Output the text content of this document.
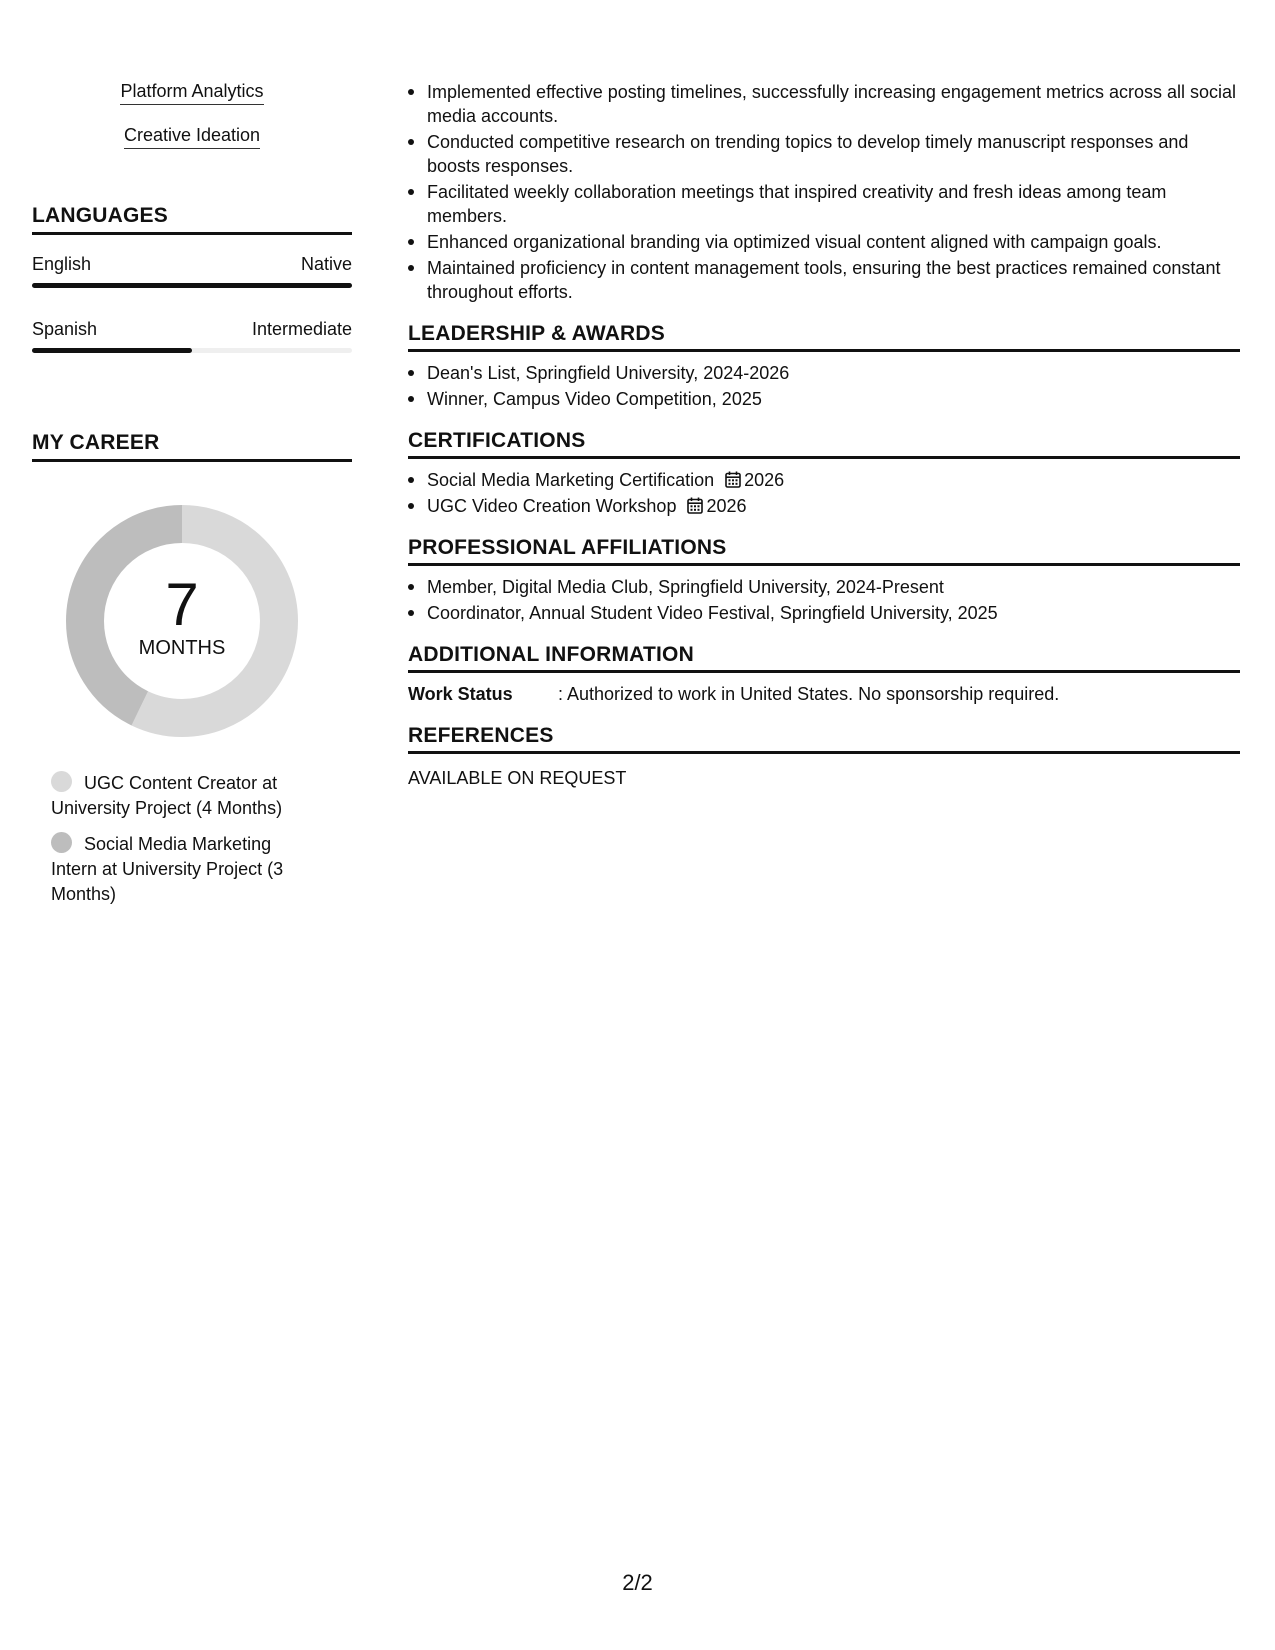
Platform Analytics
Creative Ideation
LANGUAGES
English	Native
Spanish	Intermediate
MY CAREER
7
MONTHS
UGC Content Creator at University Project (4 Months)
Social Media Marketing Intern at University Project (3 Months)
Implemented effective posting timelines, successfully increasing engagement metrics across all social media accounts.
Conducted competitive research on trending topics to develop timely manuscript responses and boosts responses.
Facilitated weekly collaboration meetings that inspired creativity and fresh ideas among team members.
Enhanced organizational branding via optimized visual content aligned with campaign goals.
Maintained proficiency in content management tools, ensuring the best practices remained constant throughout efforts.
LEADERSHIP & AWARDS
Dean's List, Springfield University, 2024-2026
Winner, Campus Video Competition, 2025
CERTIFICATIONS
Social Media Marketing Certification 2026
UGC Video Creation Workshop 2026
PROFESSIONAL AFFILIATIONS
Member, Digital Media Club, Springfield University, 2024-Present
Coordinator, Annual Student Video Festival, Springfield University, 2025
ADDITIONAL INFORMATION
Work Status	: Authorized to work in United States. No sponsorship required.
REFERENCES
AVAILABLE ON REQUEST
2/2
